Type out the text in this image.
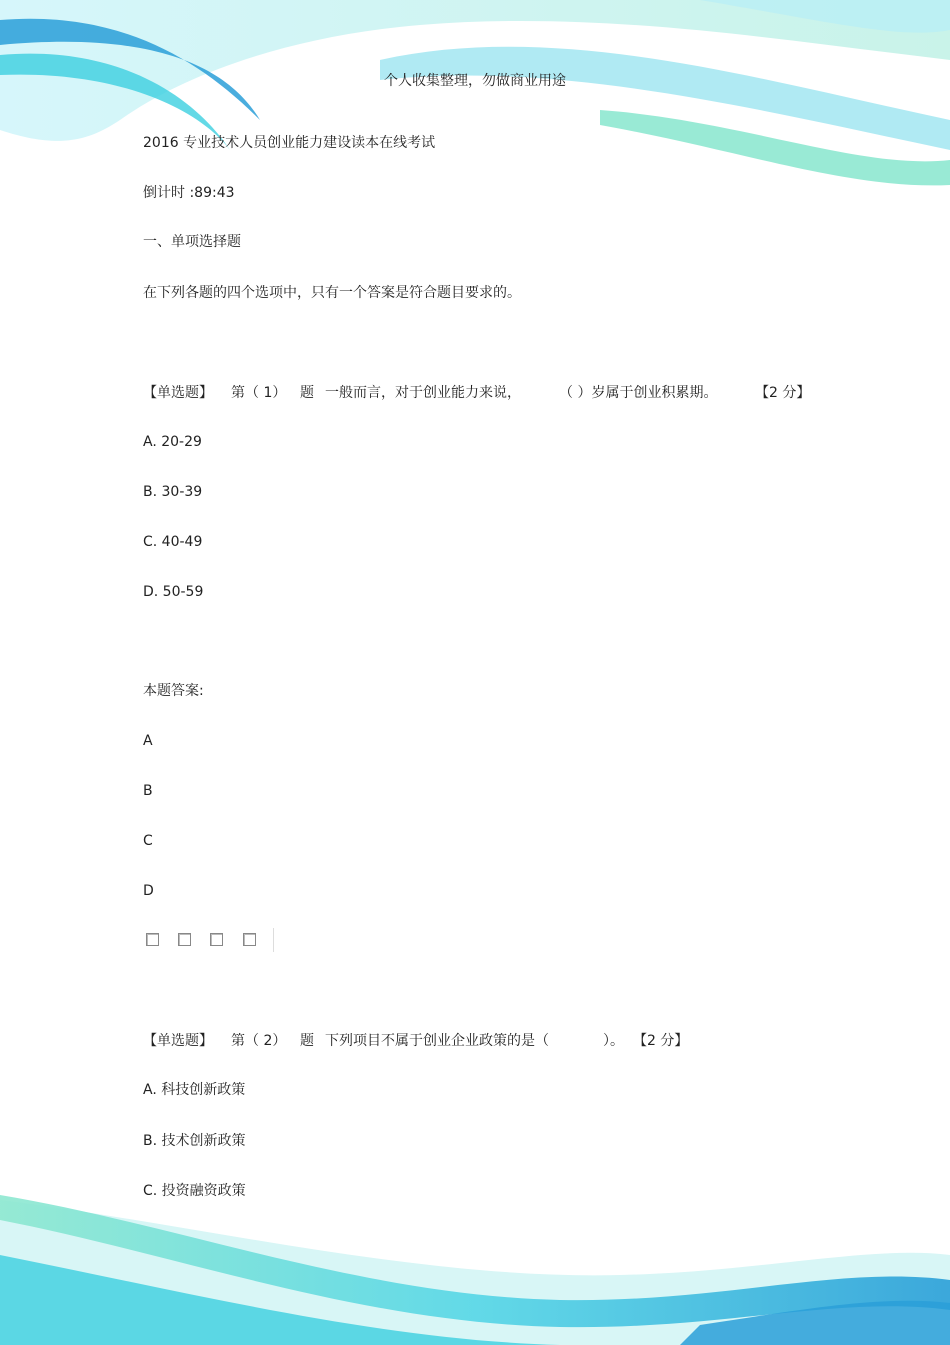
个人收集整理，勿做商业用途
2016 专业技术人员创业能力建设读本在线考试
倒计时 :89:43
一、单项选择题
在下列各题的四个选项中，只有一个答案是符合题目要求的。
【单选题】 第（ 1） 题 一般而言，对于创业能力来说，	（ ）岁属于创业积累期。	【2 分】
A. 20-29
B. 30-39
C. 40-49
D. 50-59
本题答案:
A
B
C
D
【单选题】 第（ 2） 题 下列项目不属于创业企业政策的是（	）。 【2 分】
A. 科技创新政策
B. 技术创新政策
C. 投资融资政策
